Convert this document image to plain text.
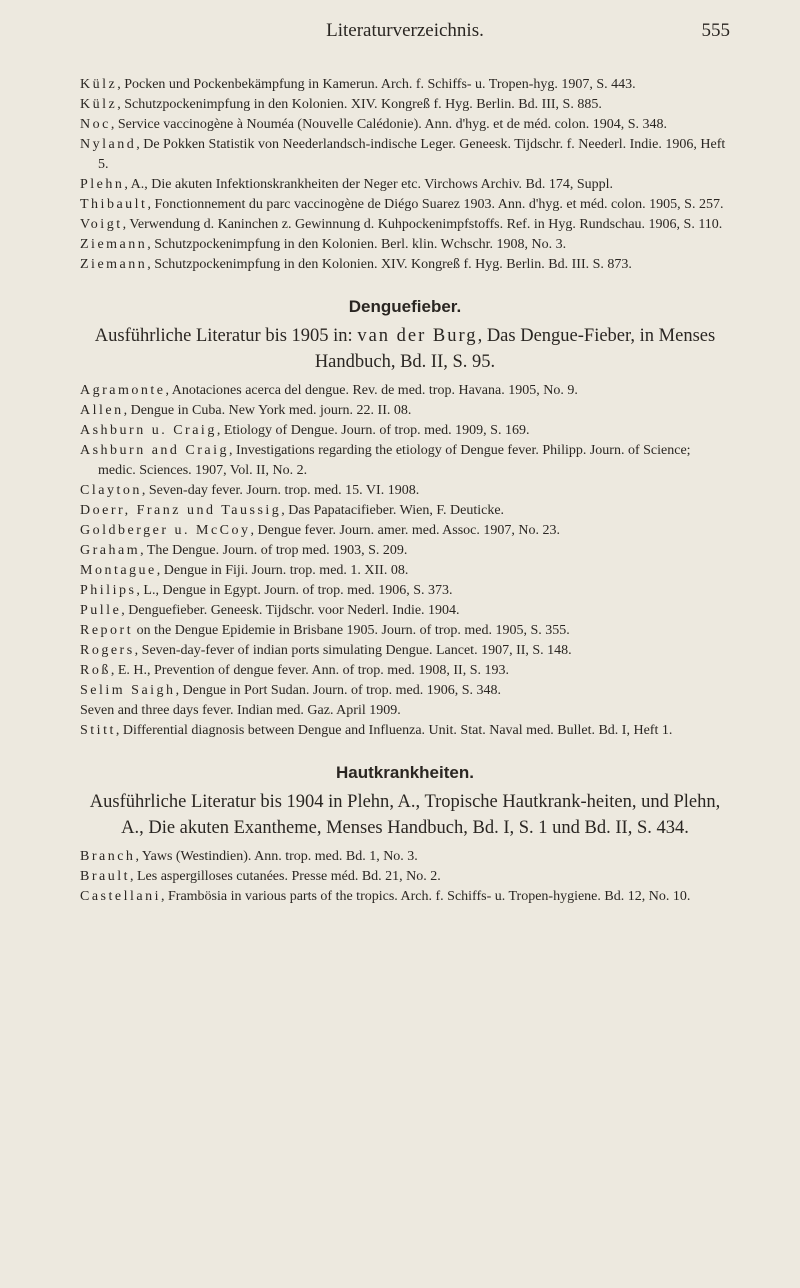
Literaturverzeichnis.	555

Külz, Pocken und Pockenbekämpfung in Kamerun. Arch. f. Schiffs- u. Tropen-hyg. 1907, S. 443.

Külz, Schutzpockenimpfung in den Kolonien. XIV. Kongreß f. Hyg. Berlin. Bd. III, S. 885.

Noc, Service vaccinogène à Nouméa (Nouvelle Calédonie). Ann. d'hyg. et de méd. colon. 1904, S. 348.

Nyland, De Pokken Statistik von Neederlandsch-indische Leger. Geneesk. Tijdschr. f. Neederl. Indie. 1906, Heft 5.

Plehn, A., Die akuten Infektionskrankheiten der Neger etc. Virchows Archiv. Bd. 174, Suppl.

Thibault, Fonctionnement du parc vaccinogène de Diégo Suarez 1903. Ann. d'hyg. et méd. colon. 1905, S. 257.

Voigt, Verwendung d. Kaninchen z. Gewinnung d. Kuhpockenimpfstoffs. Ref. in Hyg. Rundschau. 1906, S. 110.

Ziemann, Schutzpockenimpfung in den Kolonien. Berl. klin. Wchschr. 1908, No. 3.

Ziemann, Schutzpockenimpfung in den Kolonien. XIV. Kongreß f. Hyg. Berlin. Bd. III. S. 873.

Denguefieber.

Ausführliche Literatur bis 1905 in: van der Burg, Das Dengue-Fieber, in Menses Handbuch, Bd. II, S. 95.

Agramonte, Anotaciones acerca del dengue. Rev. de med. trop. Havana. 1905, No. 9.

Allen, Dengue in Cuba. New York med. journ. 22. II. 08.

Ashburn u. Craig, Etiology of Dengue. Journ. of trop. med. 1909, S. 169.

Ashburn and Craig, Investigations regarding the etiology of Dengue fever. Philipp. Journ. of Science; medic. Sciences. 1907, Vol. II, No. 2.

Clayton, Seven-day fever. Journ. trop. med. 15. VI. 1908.

Doerr, Franz und Taussig, Das Papatacifieber. Wien, F. Deuticke.

Goldberger u. McCoy, Dengue fever. Journ. amer. med. Assoc. 1907, No. 23.

Graham, The Dengue. Journ. of trop med. 1903, S. 209.

Montague, Dengue in Fiji. Journ. trop. med. 1. XII. 08.

Philips, L., Dengue in Egypt. Journ. of trop. med. 1906, S. 373.

Pulle, Denguefieber. Geneesk. Tijdschr. voor Nederl. Indie. 1904.

Report on the Dengue Epidemie in Brisbane 1905. Journ. of trop. med. 1905, S. 355.

Rogers, Seven-day-fever of indian ports simulating Dengue. Lancet. 1907, II, S. 148.

Roß, E. H., Prevention of dengue fever. Ann. of trop. med. 1908, II, S. 193.

Selim Saigh, Dengue in Port Sudan. Journ. of trop. med. 1906, S. 348.

Seven and three days fever. Indian med. Gaz. April 1909.

Stitt, Differential diagnosis between Dengue and Influenza. Unit. Stat. Naval med. Bullet. Bd. I, Heft 1.

Hautkrankheiten.

Ausführliche Literatur bis 1904 in Plehn, A., Tropische Hautkrank-heiten, und Plehn, A., Die akuten Exantheme, Menses Handbuch, Bd. I, S. 1 und Bd. II, S. 434.

Branch, Yaws (Westindien). Ann. trop. med. Bd. 1, No. 3.

Brault, Les aspergilloses cutanées. Presse méd. Bd. 21, No. 2.

Castellani, Frambösia in various parts of the tropics. Arch. f. Schiffs- u. Tropen-hygiene. Bd. 12, No. 10.
